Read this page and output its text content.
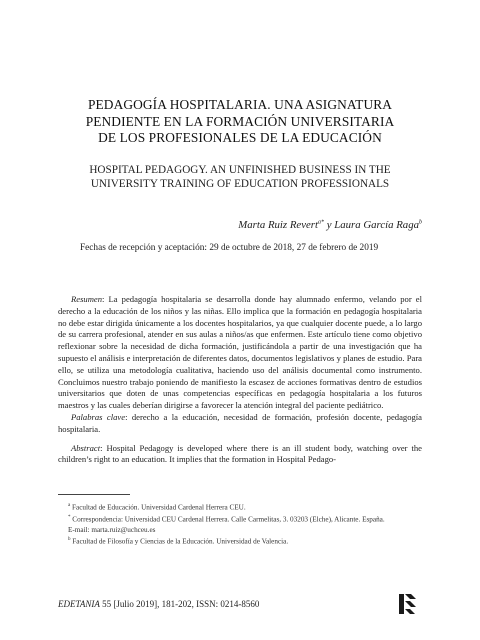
PEDAGOGÍA HOSPITALARIA. UNA ASIGNATURA
PENDIENTE EN LA FORMACIÓN UNIVERSITARIA
DE LOS PROFESIONALES DE LA EDUCACIÓN
HOSPITAL PEDAGOGY. AN UNFINISHED BUSINESS IN THE
UNIVERSITY TRAINING OF EDUCATION PROFESSIONALS
Marta Ruiz Revert$^{a*}$ y Laura García Raga$^b$
Fechas de recepción y aceptación: 29 de octubre de 2018, 27 de febrero de 2019

Resumen: La pedagogía hospitalaria se desarrolla donde hay alumnado enfermo, velando por el derecho a la educación de los niños y las niñas. Ello implica que la formación en pedagogía hospitalaria no debe estar dirigida únicamente a los docentes hospitalarios, ya que cualquier docente puede, a lo largo de su carrera profesional, atender en sus aulas a niños/as que enfermen. Este artículo tiene como objetivo reflexionar sobre la necesidad de dicha formación, justificándola a partir de una investigación que ha supuesto el análisis e interpretación de diferentes datos, documentos legislativos y planes de estudio. Para ello, se utiliza una metodología cualitativa, haciendo uso del análisis documental como instrumento. Concluimos nuestro trabajo poniendo de manifiesto la escasez de acciones formativas dentro de estudios universitarios que doten de unas competencias específicas en pedagogía hospitalaria a los futuros maestros y las cuales deberían dirigirse a favorecer la atención integral del paciente pediátrico.

Palabras clave: derecho a la educación, necesidad de formación, profesión docente, pedagogía hospitalaria.

Abstract: Hospital Pedagogy is developed where there is an ill student body, watching over the children’s right to an education. It implies that the formation in Hospital Pedago-

$^a$ Facultad de Educación. Universidad Cardenal Herrera CEU.

* Correspondencia: Universidad CEU Cardenal Herrera. Calle Carmelitas, 3. 03203 (Elche), Alicante. España.

E-mail: marta.ruiz@uchceu.es

$^b$ Facultad de Filosofía y Ciencias de la Educación. Universidad de Valencia.

EDETANIA 55 [Julio 2019], 181-202, ISSN: 0214-8560
